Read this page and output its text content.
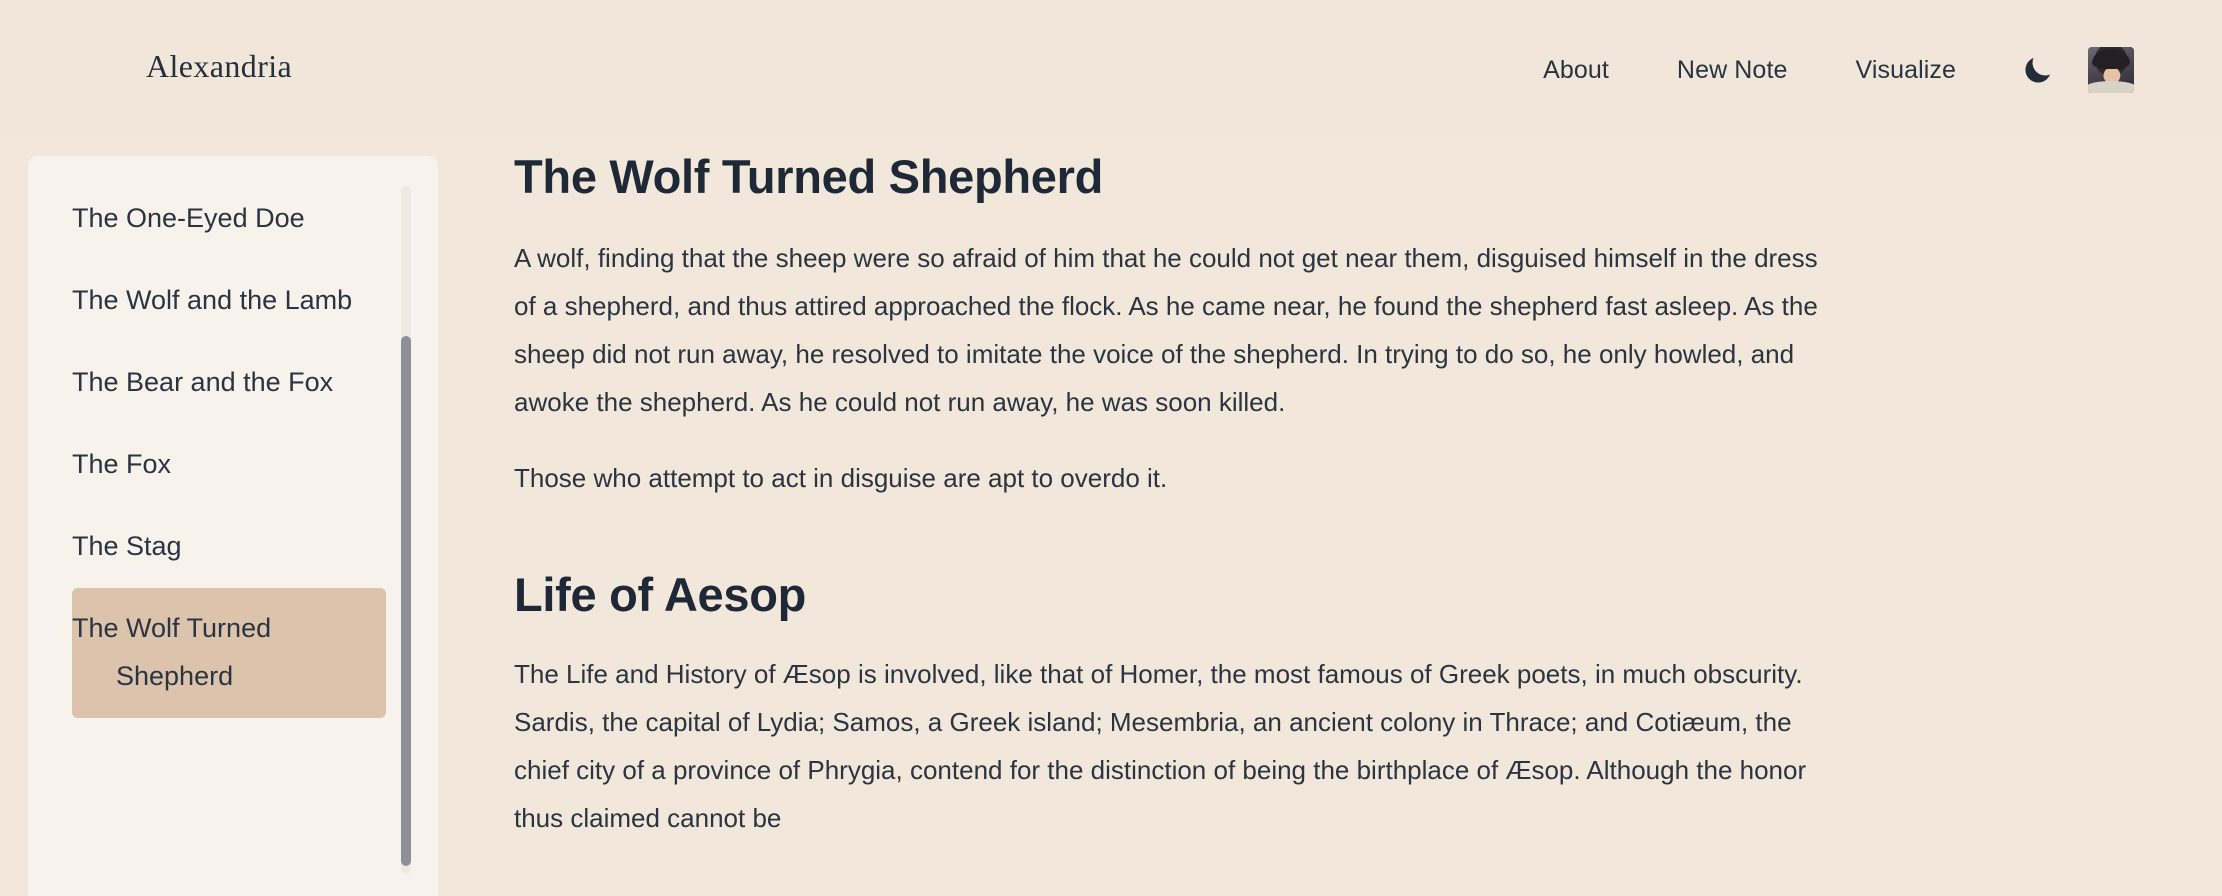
Alexandria	About	New Note	Visualize
The One-Eyed Doe
The Wolf and the Lamb
The Bear and the Fox
The Fox
The Stag
The Wolf Turned Shepherd
The Wolf Turned Shepherd

A wolf, finding that the sheep were so afraid of him that he could not get near them, disguised himself in the dress of a shepherd, and thus attired approached the flock. As he came near, he found the shepherd fast asleep. As the sheep did not run away, he resolved to imitate the voice of the shepherd. In trying to do so, he only howled, and awoke the shepherd. As he could not run away, he was soon killed.

Those who attempt to act in disguise are apt to overdo it.

Life of Aesop

The Life and History of Æsop is involved, like that of Homer, the most famous of Greek poets, in much obscurity. Sardis, the capital of Lydia; Samos, a Greek island; Mesembria, an ancient colony in Thrace; and Cotiæum, the chief city of a province of Phrygia, contend for the distinction of being the birthplace of Æsop. Although the honor thus claimed cannot be
